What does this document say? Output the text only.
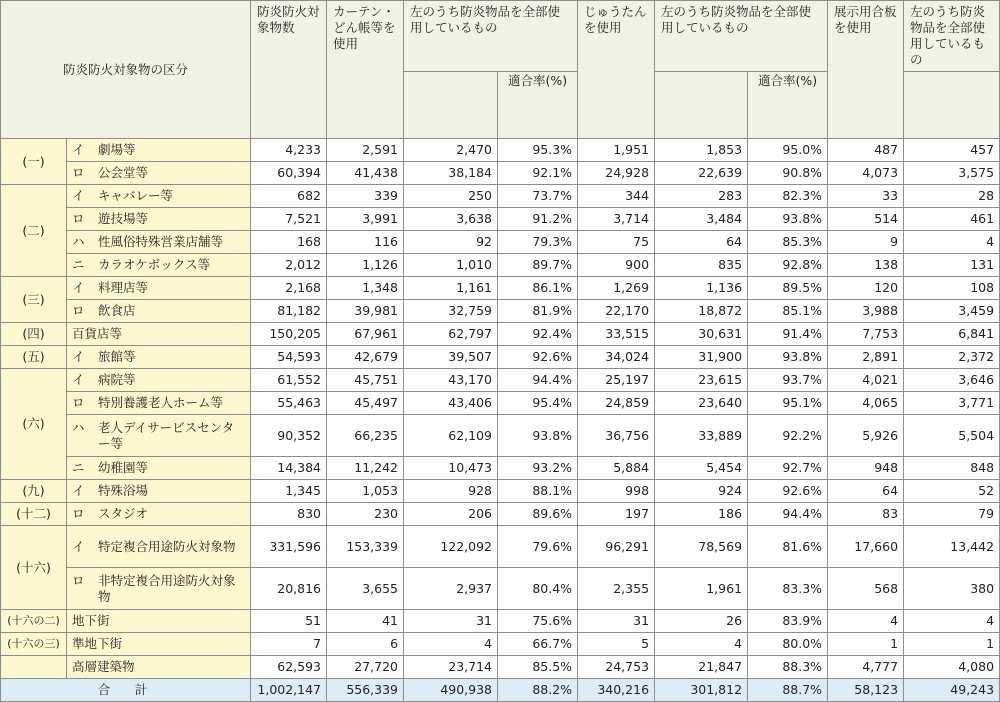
防炎防火対象物の区分		防炎防火対象物数	カーテン・どん帳等を使用	左のうち防炎物品を全部使用しているもの		じゅうたんを使用	左のうち防炎物品を全部使用しているもの		展示用合板を使用	左のうち防炎物品を全部使用しているもの	
					適合率(%)			適合率(%)		
(一)	イ 劇場等	4,233	2,591	2,470	95.3%	1,951	1,853	95.0%	487	457	
	ロ 公会堂等	60,394	41,438	38,184	92.1%	24,928	22,639	90.8%	4,073	3,575	
(二)	イ キャバレー等	682	339	250	73.7%	344	283	82.3%	33	28	
	ロ 遊技場等	7,521	3,991	3,638	91.2%	3,714	3,484	93.8%	514	461	
	ハ 性風俗特殊営業店舗等	168	116	92	79.3%	75	64	85.3%	9	4	
	ニ カラオケボックス等	2,012	1,126	1,010	89.7%	900	835	92.8%	138	131	
(三)	イ 料理店等	2,168	1,348	1,161	86.1%	1,269	1,136	89.5%	120	108	
	ロ 飲食店	81,182	39,981	32,759	81.9%	22,170	18,872	85.1%	3,988	3,459	
(四)	百貨店等	150,205	67,961	62,797	92.4%	33,515	30,631	91.4%	7,753	6,841	
(五)	イ 旅館等	54,593	42,679	39,507	92.6%	34,024	31,900	93.8%	2,891	2,372	
(六)	イ 病院等	61,552	45,751	43,170	94.4%	25,197	23,615	93.7%	4,021	3,646	
	ロ 特別養護老人ホーム等	55,463	45,497	43,406	95.4%	24,859	23,640	95.1%	4,065	3,771	

	ハ 老人デイサービスセンター等	90,352	66,235	62,109	93.8%	36,756	33,889	92.2%	5,926	5,504	
	ニ 幼稚園等	14,384	11,242	10,473	93.2%	5,884	5,454	92.7%	948	848	
(九)	イ 特殊浴場	1,345	1,053	928	88.1%	998	924	92.6%	64	52	
(十二)	ロ スタジオ	830	230	206	89.6%	197	186	94.4%	83	79	
(十六)	イ 特定複合用途防火対象物	331,596	153,339	122,092	79.6%	96,291	78,569	81.6%	17,660	13,442	

	ロ 非特定複合用途防火対象物	20,816	3,655	2,937	80.4%	2,355	1,961	83.3%	568	380	
(十六の二)	地下街	51	41	31	75.6%	31	26	83.9%	4	4	
(十六の三)	準地下街	7	6	4	66.7%	5	4	80.0%	1	1	
	高層建築物	62,593	27,720	23,714	85.5%	24,753	21,847	88.3%	4,777	4,080	
合　計		1,002,147	556,339	490,938	88.2%	340,216	301,812	88.7%	58,123	49,243	
